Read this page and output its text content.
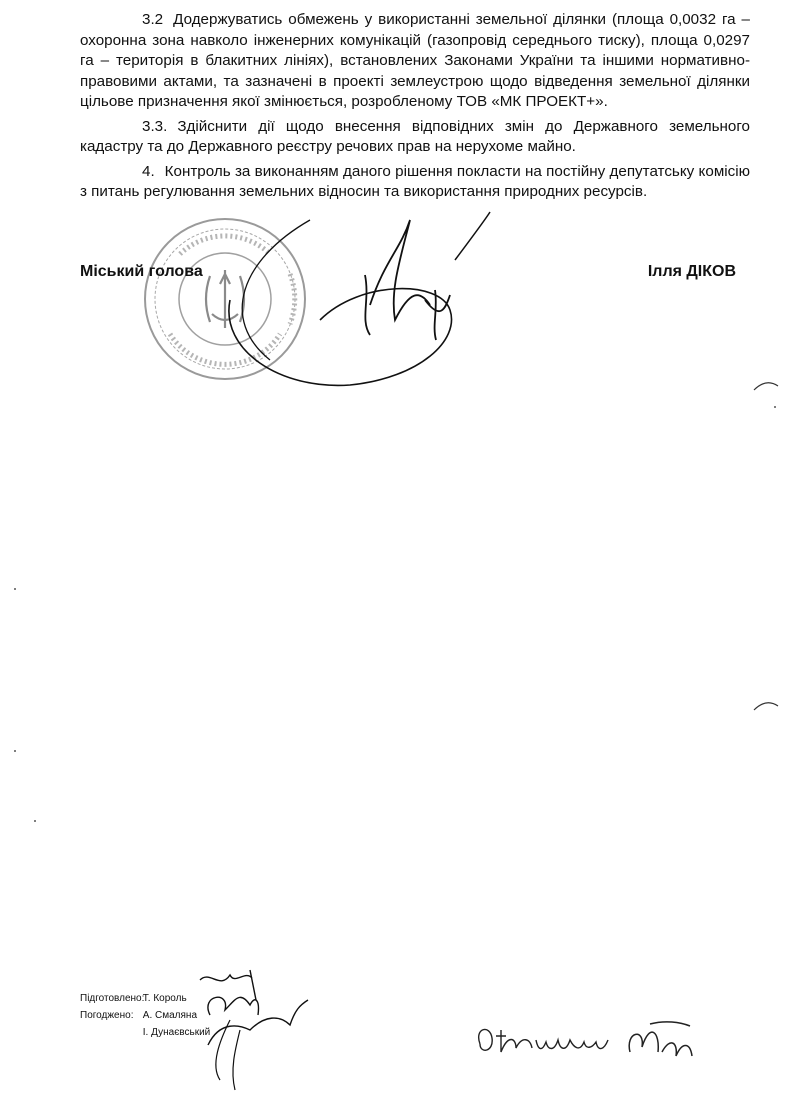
3.2 Додержуватись обмежень у використанні земельної ділянки (площа 0,0032 га – охоронна зона навколо інженерних комунікацій (газопровід середнього тиску), площа 0,0297 га – територія в блакитних лініях), встановлених Законами України та іншими нормативно-правовими актами, та зазначені в проекті землеустрою щодо відведення земельної ділянки цільове призначення якої змінюється, розробленому ТОВ «МК ПРОЕКТ+».

3.3. Здійснити дії щодо внесення відповідних змін до Державного земельного кадастру та до Державного реєстру речових прав на нерухоме майно.

4. Контроль за виконанням даного рішення покласти на постійну депутатську комісію з питань регулювання земельних відносин та використання природних ресурсів.

Міський голова	Ілля ДІКОВ
Підготовлено: Т. Король
Погоджено: А. Смаляна
І. Дунаєвський
